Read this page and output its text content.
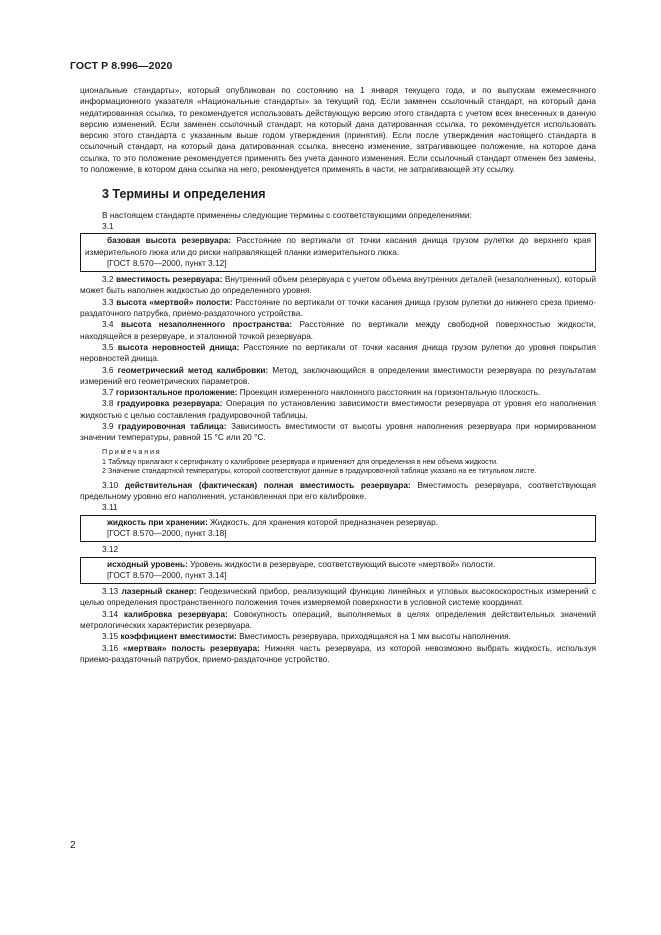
ГОСТ Р 8.996—2020

циональные стандарты», который опубликован по состоянию на 1 января текущего года, и по выпускам ежемесячного информационного указателя «Национальные стандарты» за текущий год. Если заменен ссылочный стандарт, на который дана недатированная ссылка, то рекомендуется использовать действующую версию этого стандарта с учетом всех внесенных в данную версию изменений. Если заменен ссылочный стандарт, на который дана датированная ссылка, то рекомендуется использовать версию этого стандарта с указанным выше годом утверждения (принятия). Если после утверждения настоящего стандарта в ссылочный стандарт, на который дана датированная ссылка, внесено изменение, затрагивающее положение, на которое дана ссылка, то это положение рекомендуется применять без учета данного изменения. Если ссылочный стандарт отменен без замены, то положение, в котором дана ссылка на него, рекомендуется применять в части, не затрагивающей эту ссылку.

3 Термины и определения

В настоящем стандарте применены следующие термины с соответствующими определениями:

3.1

базовая высота резервуара: Расстояние по вертикали от точки касания днища грузом рулетки до верхнего края измерительного люка или до риски направляющей планки измерительного люка.

[ГОСТ 8.570—2000, пункт 3.12]

3.2 вместимость резервуара: Внутренний объем резервуара с учетом объема внутренних деталей (незаполненных), который может быть наполнен жидкостью до определенного уровня.

3.3 высота «мертвой» полости: Расстояние по вертикали от точки касания днища грузом рулетки до нижнего среза приемо-раздаточного патрубка, приемо-раздаточного устройства.

3.4 высота незаполненного пространства: Расстояние по вертикали между свободной поверхностью жидкости, находящейся в резервуаре, и эталонной точкой резервуара.

3.5 высота неровностей днища: Расстояние по вертикали от точки касания днища грузом рулетки до уровня покрытия неровностей днища.

3.6 геометрический метод калибровки: Метод, заключающийся в определении вместимости резервуара по результатам измерений его геометрических параметров.

3.7 горизонтальное проложение: Проекция измеренного наклонного расстояния на горизонтальную плоскость.

3.8 градуировка резервуара: Операция по установлению зависимости вместимости резервуара от уровня его наполнения жидкостью с целью составления градуировочной таблицы.

3.9 градуировочная таблица: Зависимость вместимости от высоты уровня наполнения резервуара при нормированном значении температуры, равной 15 °С или 20 °С.

Примечания

1 Таблицу прилагают к сертификату о калибровке резервуара и применяют для определения в нем объема жидкости.

2 Значение стандартной температуры, которой соответствуют данные в градуировочной таблице указано на ее титульном листе.

3.10 действительная (фактическая) полная вместимость резервуара: Вместимость резервуара, соответствующая предельному уровню его наполнения, установленная при его калибровке.

3.11

жидкость при хранении: Жидкость, для хранения которой предназначен резервуар.

[ГОСТ 8.570—2000, пункт 3.18]

3.12

исходный уровень: Уровень жидкости в резервуаре, соответствующий высоте «мертвой» полости.

[ГОСТ 8.570—2000, пункт 3.14]

3.13 лазерный сканер: Геодезический прибор, реализующий функцию линейных и угловых высокоскоростных измерений с целью определения пространственного положения точек измеряемой поверхности в условной системе координат.

3.14 калибровка резервуара: Совокупность операций, выполняемых в целях определения действительных значений метрологических характеристик резервуара.

3.15 коэффициент вместимости: Вместимость резервуара, приходящаяся на 1 мм высоты наполнения.

3.16 «мертвая» полость резервуара: Нижняя часть резервуара, из которой невозможно выбрать жидкость, используя приемо-раздаточный патрубок, приемо-раздаточное устройство.

2
